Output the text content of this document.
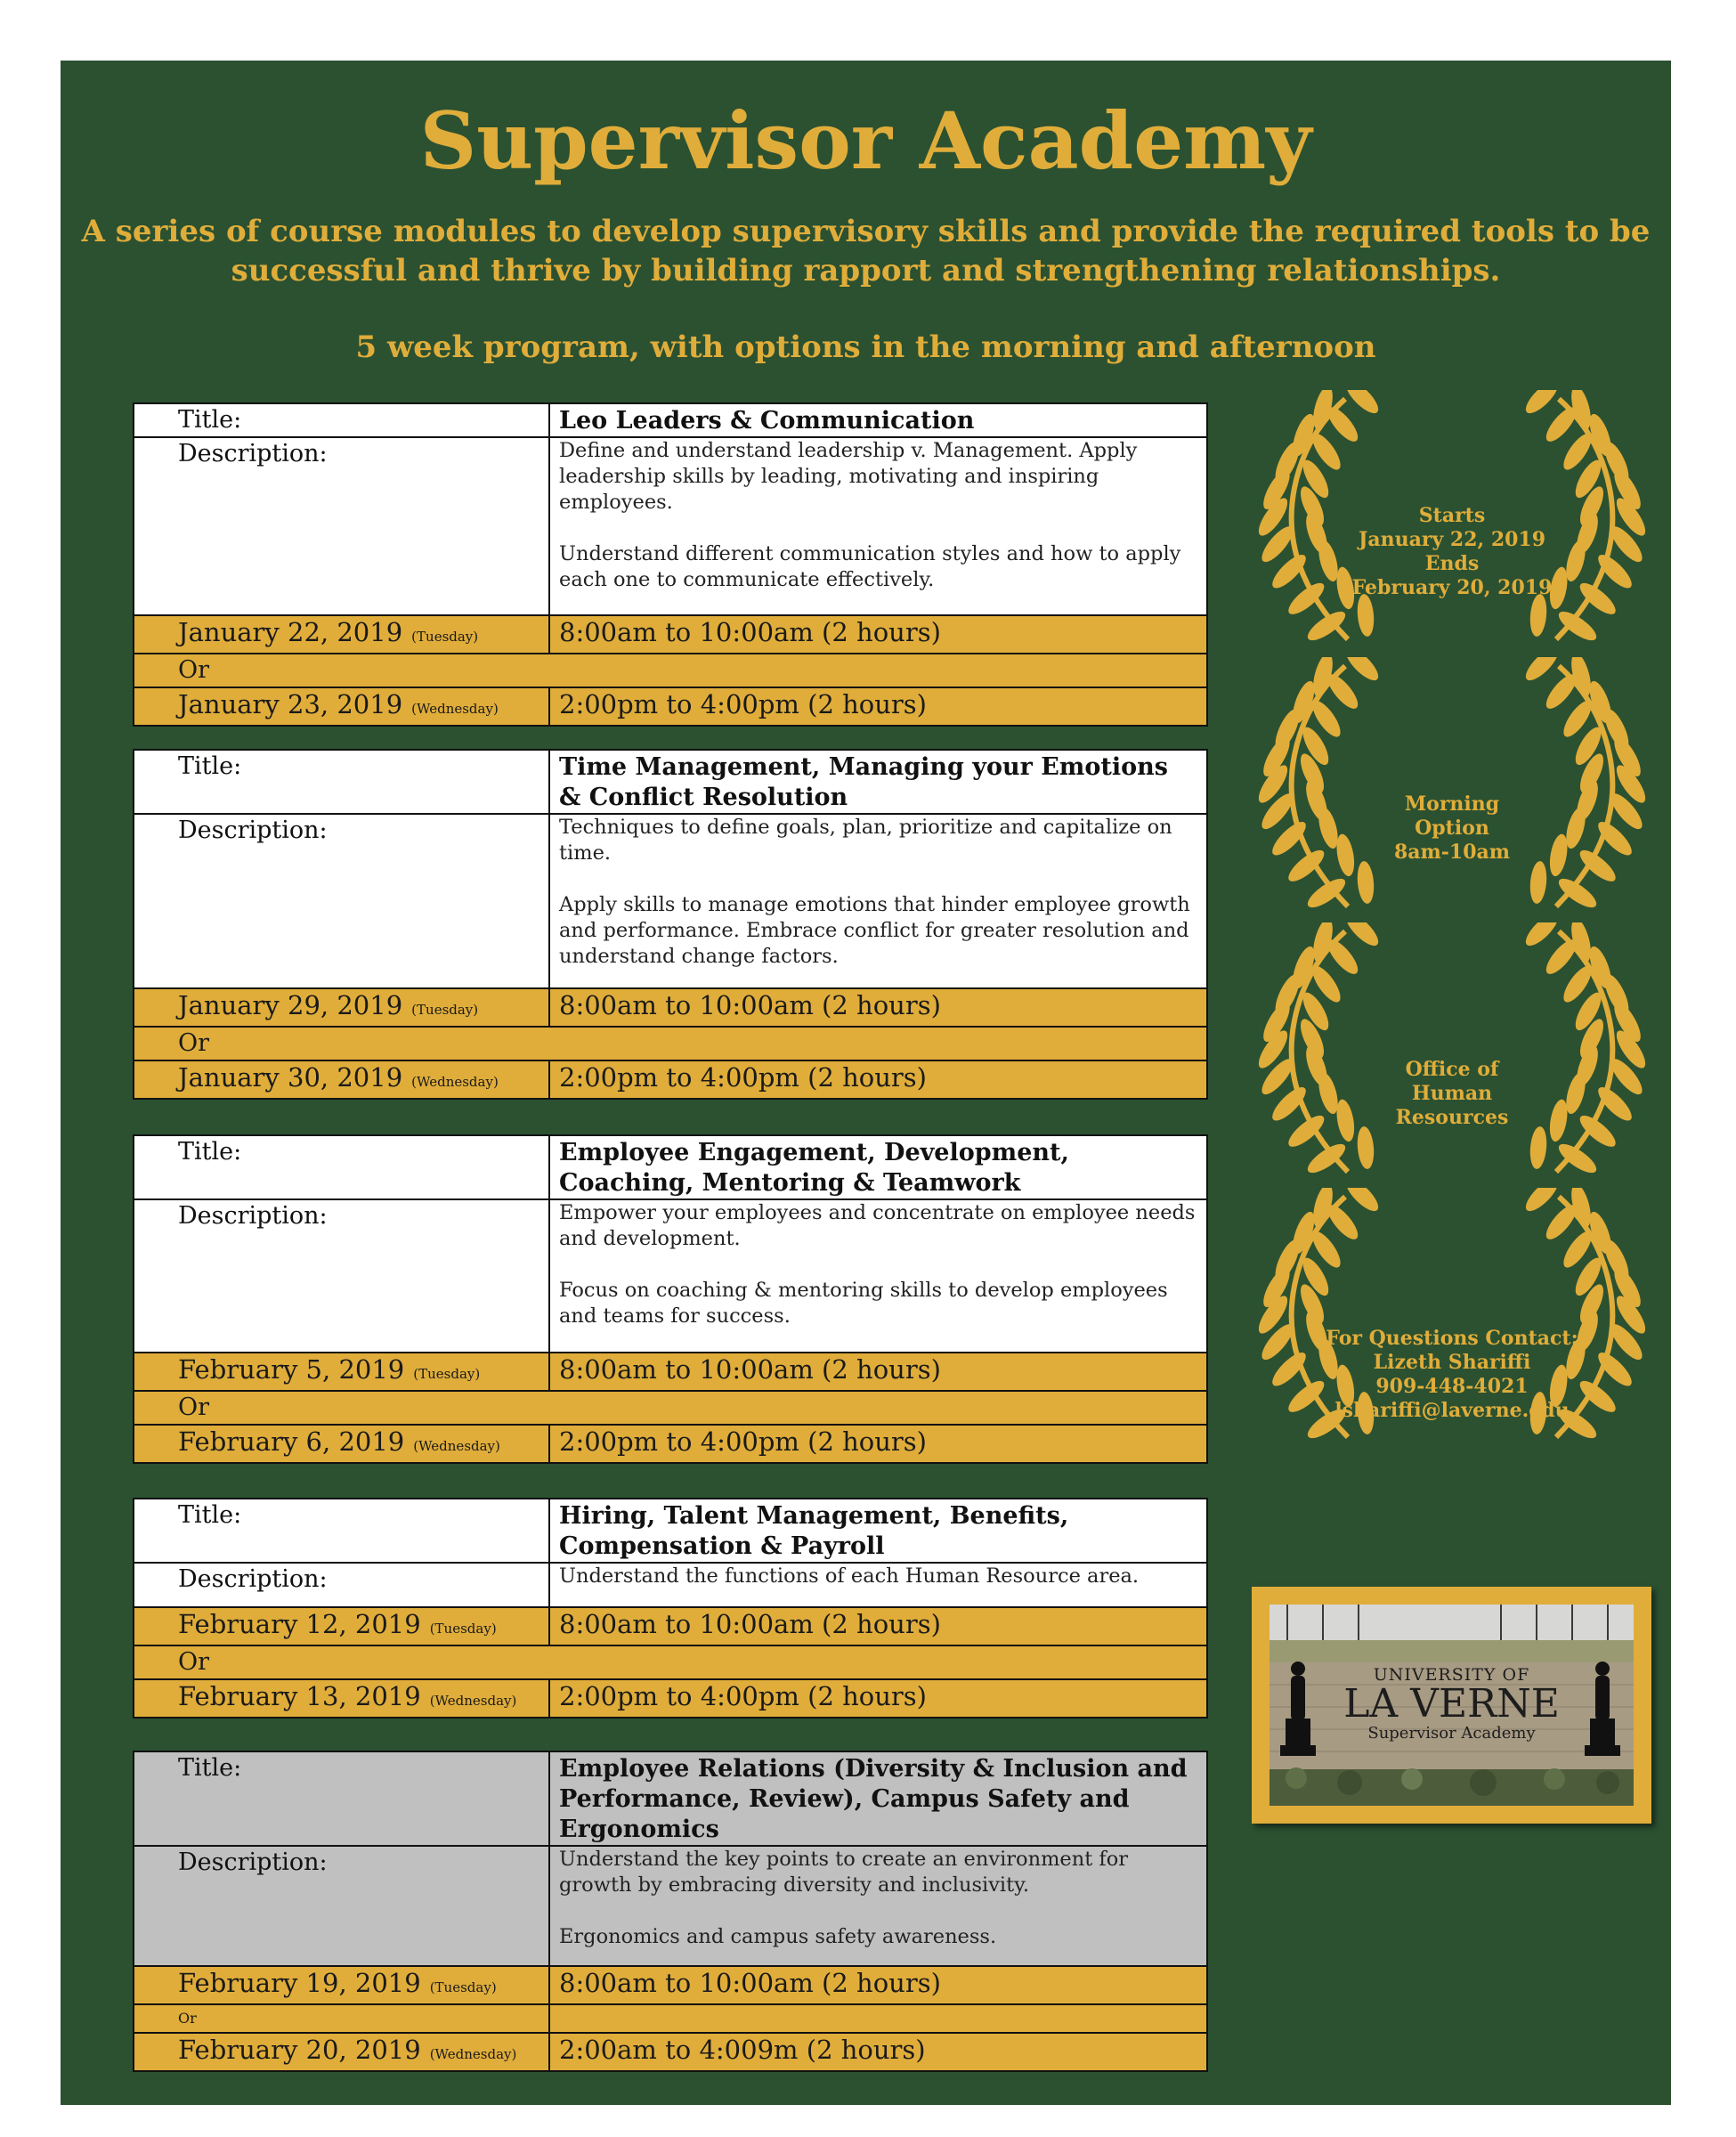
Supervisor Academy
A series of course modules to develop supervisory skills and provide the required tools to be successful and thrive by building rapport and strengthening relationships.
5 week program, with options in the morning and afternoon
Title:	Leo Leaders & Communication
Description:	Define and understand leadership v. Management. Apply leadership skills by leading, motivating and inspiring employees.

Understand different communication styles and how to apply each one to communicate effectively.

January 22, 2019 (Tuesday)	8:00am to 10:00am (2 hours)
Or	
January 23, 2019 (Wednesday)	2:00pm to 4:00pm (2 hours)
Title:	Time Management, Managing your Emotions & Conflict Resolution
Description:	Techniques to define goals, plan, prioritize and capitalize on time.

Apply skills to manage emotions that hinder employee growth and performance. Embrace conflict for greater resolution and understand change factors.

January 29, 2019 (Tuesday)	8:00am to 10:00am (2 hours)
Or	
January 30, 2019 (Wednesday)	2:00pm to 4:00pm (2 hours)
Title:	Employee Engagement, Development, Coaching, Mentoring & Teamwork
Description:	Empower your employees and concentrate on employee needs and development.

Focus on coaching & mentoring skills to develop employees and teams for success.

February 5, 2019 (Tuesday)	8:00am to 10:00am (2 hours)
Or	
February 6, 2019 (Wednesday)	2:00pm to 4:00pm (2 hours)
Title:	Hiring, Talent Management, Benefits, Compensation & Payroll
Description:	Understand the functions of each Human Resource area.

February 12, 2019 (Tuesday)	8:00am to 10:00am (2 hours)
Or	
February 13, 2019 (Wednesday)	2:00pm to 4:00pm (2 hours)
Title:	Employee Relations (Diversity & Inclusion and Performance, Review), Campus Safety and Ergonomics
Description:	Understand the key points to create an environment for growth by embracing diversity and inclusivity.

Ergonomics and campus safety awareness.

February 19, 2019 (Tuesday)	8:00am to 10:00am (2 hours)
Or	
February 20, 2019 (Wednesday)	2:00am to 4:009m (2 hours)
Starts
January 22, 2019
Ends
February 20, 2019
Morning
Option
8am-10am
Office of
Human
Resources
For Questions Contact:
Lizeth Shariffi
909-448-4021
lshariffi@laverne.edu
UNIVERSITY OF
LA VERNE
Supervisor Academy
